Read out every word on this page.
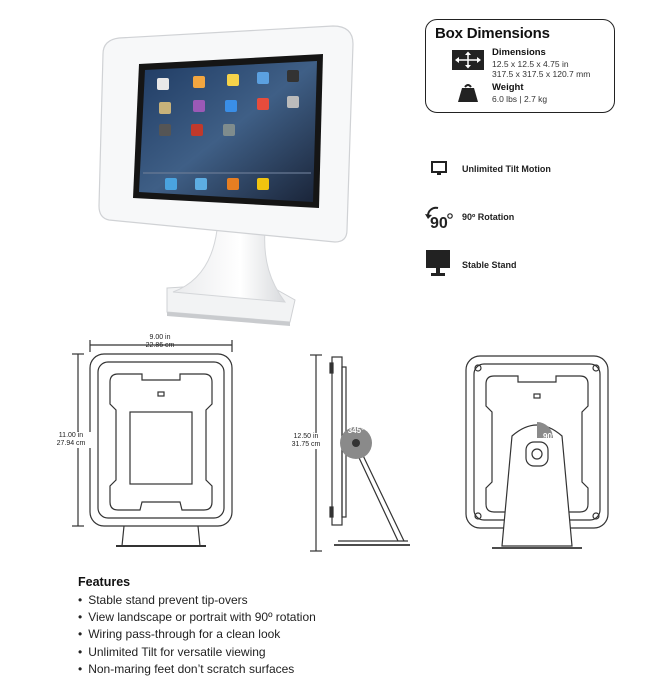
Box Dimensions
Dimensions
12.5 x 12.5 x 4.75 in
317.5 x 317.5 x 120.7 mm
Weight
6.0 lbs | 2.7 kg
Unlimited Tilt Motion
90 90º Rotation
Stable Stand
9.00 in
22.86 cm
11.00 in
27.94 cm
345°
12.50 in
31.75 cm
90°
Features
• Stable stand prevent tip-overs
• View landscape or portrait with 90º rotation
• Wiring pass-through for a clean look
• Unlimited Tilt for versatile viewing
• Non-maring feet don’t scratch surfaces
